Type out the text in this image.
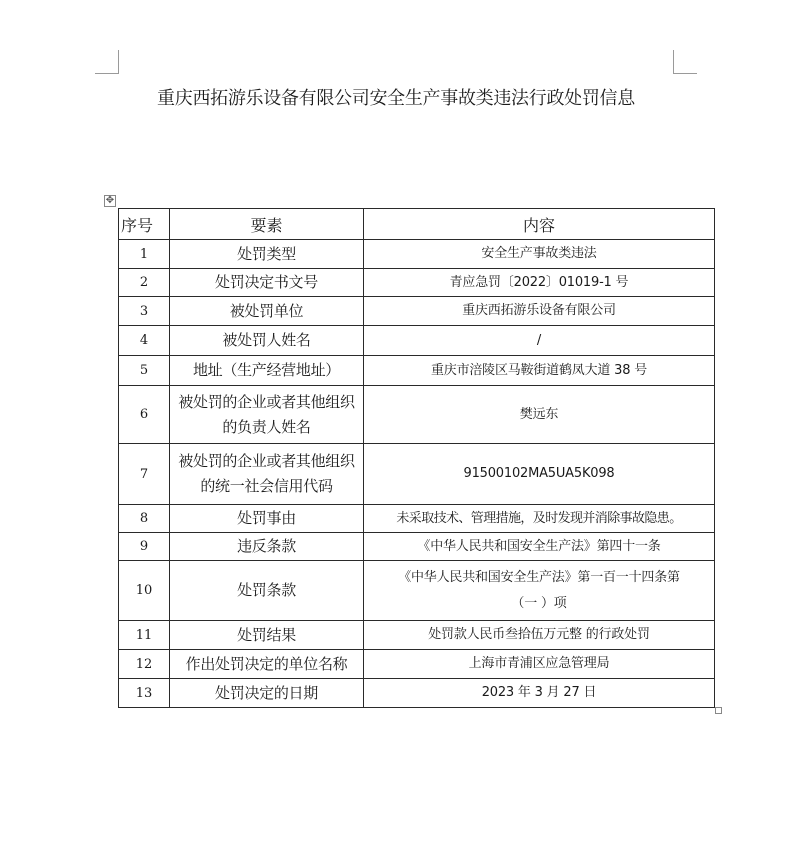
重庆西拓游乐设备有限公司安全生产事故类违法行政处罚信息
✥
序号	要素	内容
1	处罚类型	安全生产事故类违法
2	处罚决定书文号	青应急罚〔2022〕01019-1 号
3	被处罚单位	重庆西拓游乐设备有限公司
4	被处罚人姓名	/
5	地址（生产经营地址）	重庆市涪陵区马鞍街道鹤凤大道 38 号
6	被处罚的企业或者其他组织
的负责人姓名	樊远东
7	被处罚的企业或者其他组织
的统一社会信用代码	91500102MA5UA5K098
8	处罚事由	未采取技术、管理措施，及时发现并消除事故隐患。
9	违反条款	《中华人民共和国安全生产法》第四十一条
10	处罚条款	《中华人民共和国安全生产法》第一百一十四条第
（一 ）项

11	处罚结果	处罚款人民币叁拾伍万元整 的行政处罚
12	作出处罚决定的单位名称	上海市青浦区应急管理局
13	处罚决定的日期	2023 年 3 月 27 日
